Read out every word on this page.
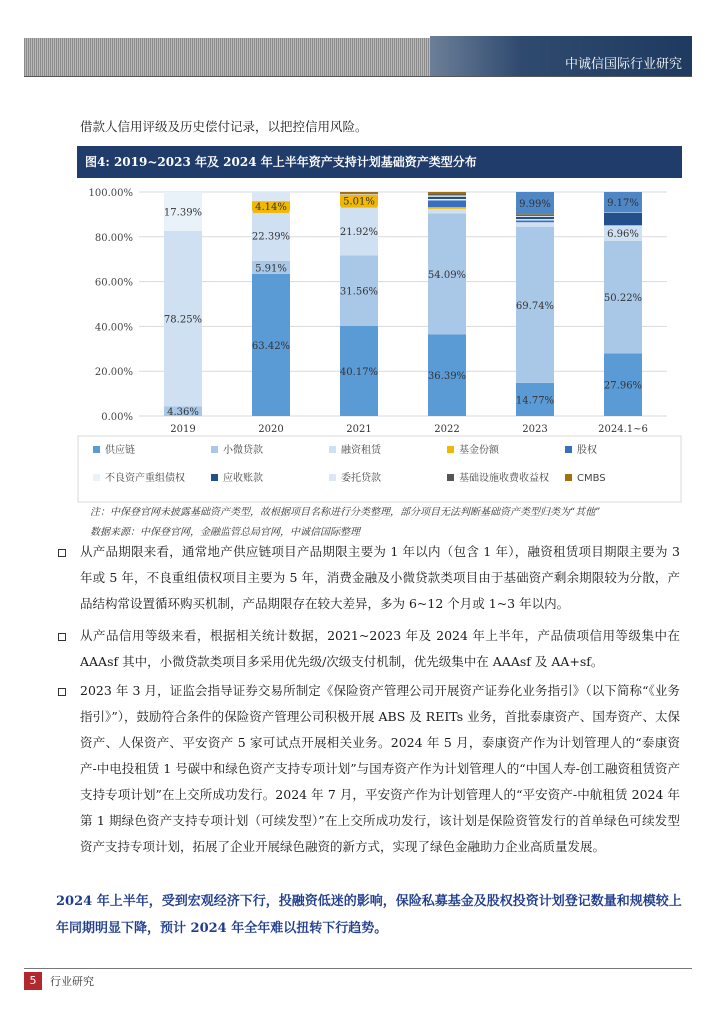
中诚信国际行业研究
借款人信用评级及历史偿付记录，以把控信用风险。
图4: 2019~2023 年及 2024 年上半年资产支持计划基础资产类型分布
0.00%
20.00%
40.00%
60.00%
80.00%
100.00%
4.36%
78.25%
17.39%
2019
63.42%
5.91%
22.39%
4.14%
2020
40.17%
31.56%
21.92%
5.01%
2021
36.39%
54.09%
2022
14.77%
69.74%
9.99%
2023
27.96%
50.22%
6.96%
9.17%
2024.1~6
供应链	小微贷款	融资租赁	基金份额	股权
不良资产重组债权	应收账款	委托贷款	基础设施收费收益权	CMBS
注：中保登官网未披露基础资产类型，故根据项目名称进行分类整理，部分项目无法判断基础资产类型归类为“其他”
数据来源：中保登官网，金融监管总局官网，中诚信国际整理
从产品期限来看，通常地产供应链项目产品期限主要为 1 年以内（包含 1 年），融资租赁项目期限主要为 3 年或 5 年，不良重组债权项目主要为 5 年，消费金融及小微贷款类项目由于基础资产剩余期限较为分散，产品结构常设置循环购买机制，产品期限存在较大差异，多为 6~12 个月或 1~3 年以内。
从产品信用等级来看，根据相关统计数据，2021~2023 年及 2024 年上半年，产品债项信用等级集中在 AAAsf 其中，小微贷款类项目多采用优先级/次级支付机制，优先级集中在 AAAsf 及 AA+sf。
2023 年 3 月，证监会指导证券交易所制定《保险资产管理公司开展资产证券化业务指引》（以下简称“《业务指引》”），鼓励符合条件的保险资产管理公司积极开展 ABS 及 REITs 业务，首批泰康资产、国寿资产、太保资产、人保资产、平安资产 5 家可试点开展相关业务。2024 年 5 月，泰康资产作为计划管理人的“泰康资产-中电投租赁 1 号碳中和绿色资产支持专项计划”与国寿资产作为计划管理人的“中国人寿-创工融资租赁资产支持专项计划”在上交所成功发行。2024 年 7 月，平安资产作为计划管理人的“平安资产-中航租赁 2024 年第 1 期绿色资产支持专项计划（可续发型）”在上交所成功发行，该计划是保险资管发行的首单绿色可续发型资产支持专项计划，拓展了企业开展绿色融资的新方式，实现了绿色金融助力企业高质量发展。
2024 年上半年，受到宏观经济下行，投融资低迷的影响，保险私募基金及股权投资计划登记数量和规模较上年同期明显下降，预计 2024 年全年难以扭转下行趋势。
5	行业研究
